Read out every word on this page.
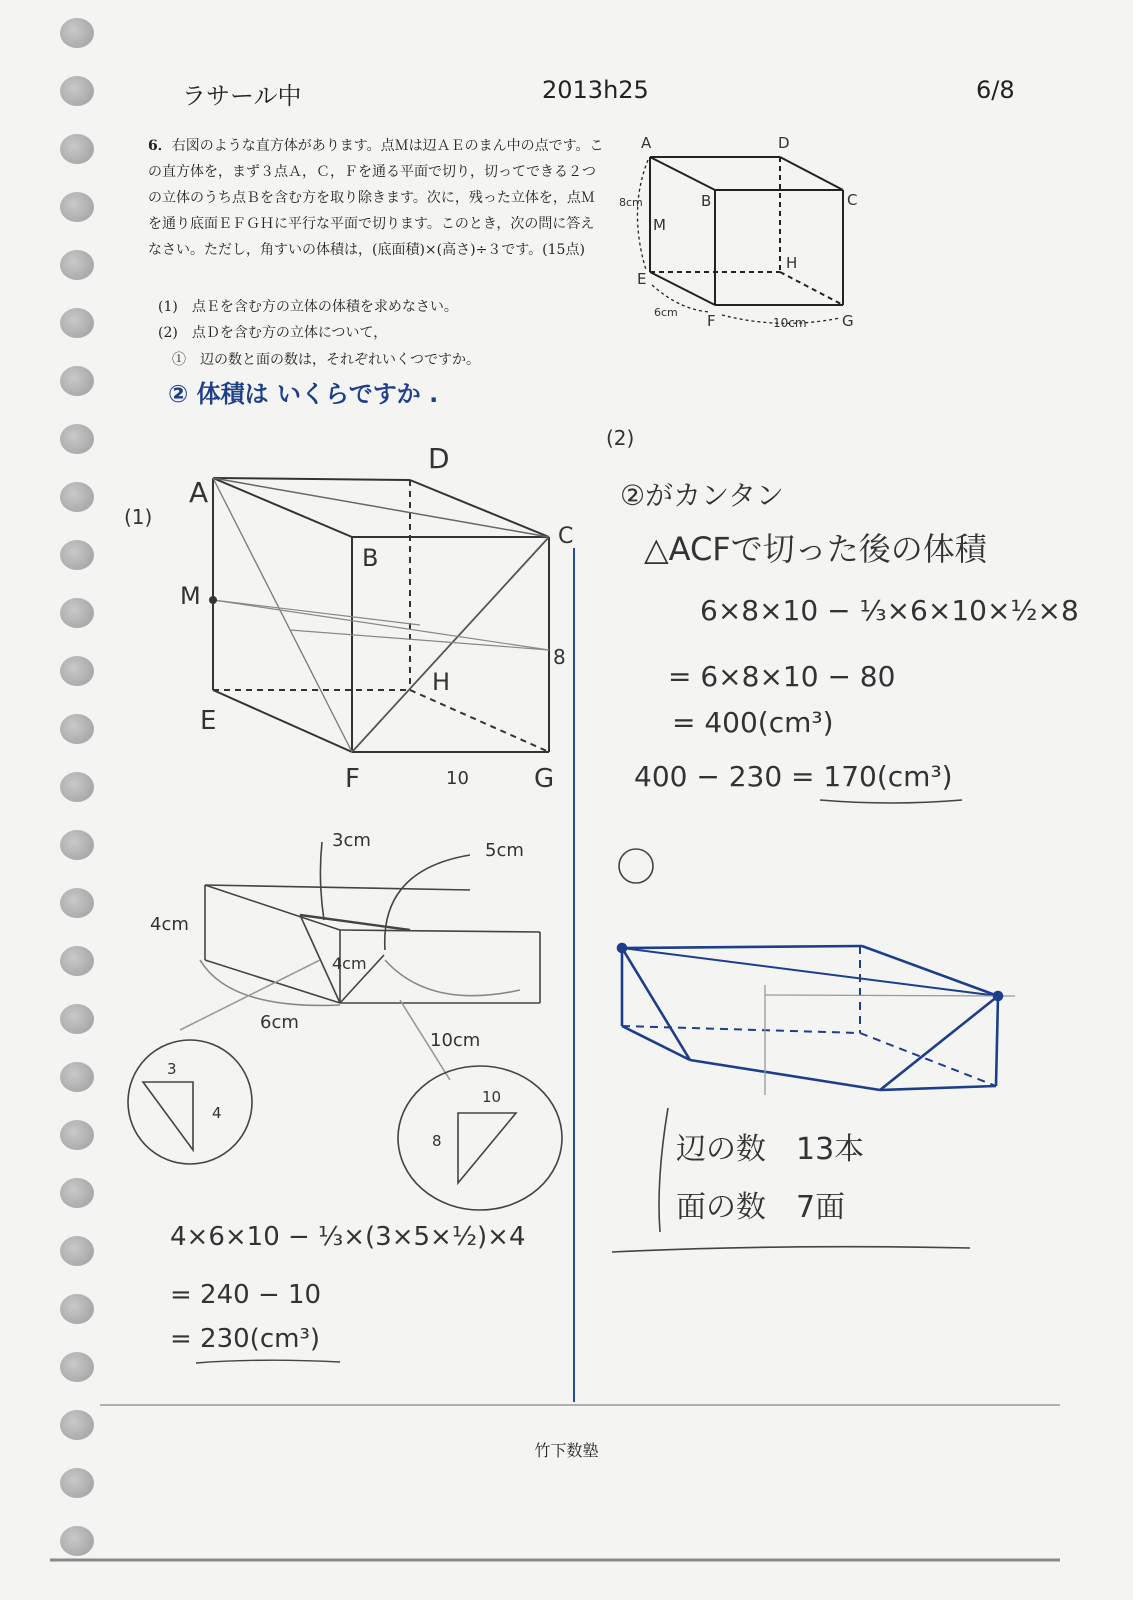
ラサール中	2013h25	6/8
6．右図のような直方体があります。点Ｍは辺ＡＥのまん中の点です。この直方体を，まず３点Ａ，Ｃ，Ｆを通る平面で切り，切ってできる２つの立体のうち点Ｂを含む方を取り除きます。次に，残った立体を，点Ｍを通り底面ＥＦＧＨに平行な平面で切ります。このとき，次の問に答えなさい。ただし，角すいの体積は，(底面積)×(高さ)÷３です。(15点)
(1)　点Ｅを含む方の立体の体積を求めなさい。
(2)　点Ｄを含む方の立体について，
①　辺の数と面の数は，それぞれいくつですか。
② 体積は いくらですか .
A	D
B	C
M
H
E
F	G
8cm
6cm
10cm
(1)
A
D
C
B
M
8
H
E
F	10	G
3cm	5cm
4cm
4cm
6cm
10cm
3
4
10
8
4×6×10 − ⅓×(3×5×½)×4
= 240 − 10
= 230(cm³)
(2)
②がカンタン
△ACFで切った後の体積
6×8×10 − ⅓×6×10×½×8
= 6×8×10 − 80
= 400(cm³)
400 − 230 = 170(cm³)
辺の数　13本
面の数　7面
竹下数塾
